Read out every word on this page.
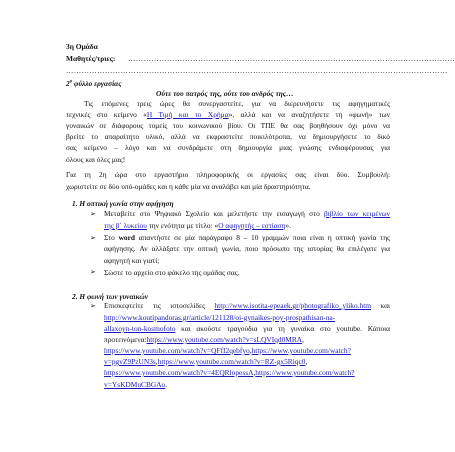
3η Ομάδα
Μαθητές/τριες: ………………………………………………………………………………………………………………
…………………………………………………………………………………………………………………………………
$2^o$ φύλλο εργασίας
Ούτε του πατρός της, ούτε του ανδρός της…
Τις επόμενες τρεις ώρες θα συνεργαστείτε, για να διερευνήσετε τις αφηγηματικές
τεχνικές στο κείμενο «Η Τιμή και το Χρήμα», αλλά και να αναζητήσετε τη «φωνή» των
γυναικών σε διάφορους τομείς του κοινωνικού βίου. Οι ΤΠΕ θα σας βοηθήσουν όχι μόνο να
βρείτε το απαραίτητο υλικό, αλλά να εκφραστείτε ποικιλότροπα, να δημιουργήσετε το δικό
σας κείμενο – λόγο και να συνδράμετε στη δημιουργία μιας γνώσης ενδιαφέρουσας για
όλους και όλες μας!
Για τη 2η ώρα στο εργαστήριο πληροφορικής οι εργασίες σας είναι δύο. Συμβουλή:
χωριστείτε σε δύο υπό-ομάδες και η κάθε μία να αναλάβει και μία δραστηριότητα.
1. Η οπτική γωνία στην αφήγηση
➢ Μεταβείτε στο Ψηφιακό Σχολείο και μελετήστε την εισαγωγή στο βιβλίο των κειμένων
της β΄ λυκείου την ενότητα με τίτλο: «Ο αφηγητής – εστίαση».
➢ Στο word απαντήστε σε μία παράγραφο 8 – 10 γραμμών ποια είναι η οπτική γωνία της
αφήγησης. Αν αλλάξατε την οπτική γωνία, ποιο πρόσωπο της ιστορίας θα επιλέγατε για
αφηγητή και γιατί;
➢ Σώστε το αρχείο στο φάκελο της ομάδας σας.
2. Η φωνή των γυναικών
➢ Επισκεφτείτε τις ιστοσελίδες http://www.isotita-epeaek.gr/photografiko_yliko.htm και
http://www.koutipandoras.gr/article/121128/oi-gynaikes-poy-prospathisan-na-
allaxoyn-ton-kosmofoto και ακούστε τραγούδια για τη γυναίκα στο youtube. Κάποια
προτεινόμενα:https://www.youtube.com/watch?v=sLQVIqd0MRA,
https://www.youtube.com/watch?v=QFfI2qebfyo,https://www.youtube.com/watch?
v=pgvZ9PzUN3s,https://www.youtube.com/watch?v=RZ-gx5Riqc0,
https://www.youtube.com/watch?v=4EQRlopessA,https://www.youtube.com/watch?
v=YsKDMuCBGAo.
